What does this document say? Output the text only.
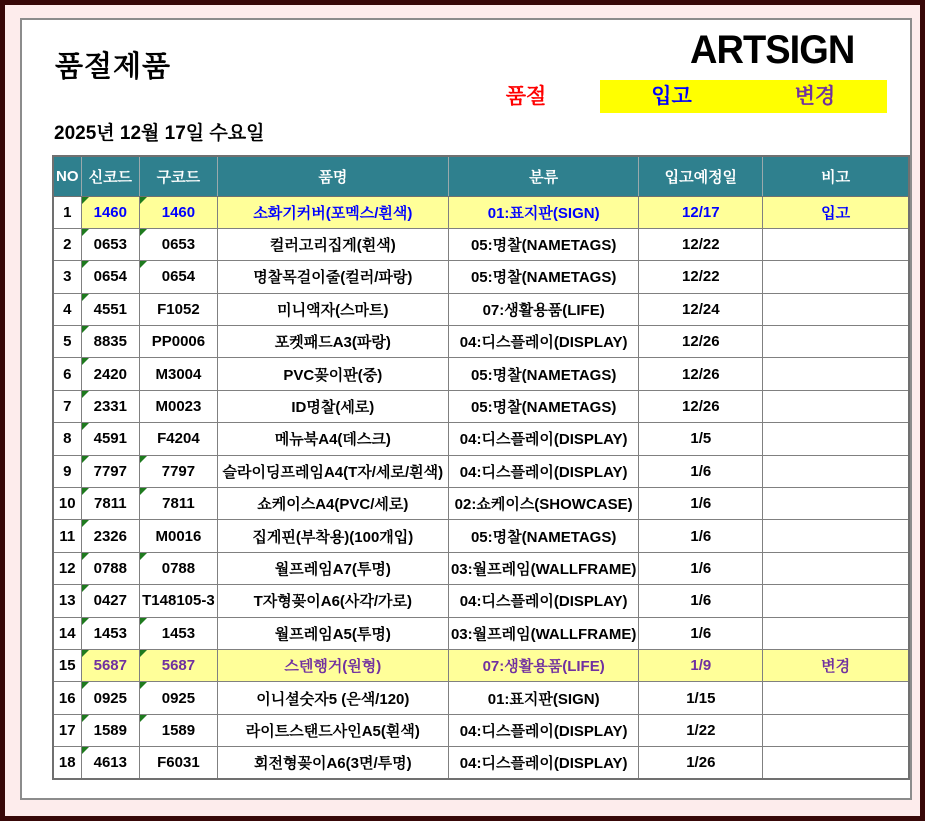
품절제품	ARTSIGN
품절	입고	변경
2025년 12월 17일 수요일
NO	신코드	구코드	품명	분류	입고예정일	비고
1	1460	1460	소화기커버(포멕스/흰색)	01:표지판(SIGN)	12/17	입고
2	0653	0653	컬러고리집게(흰색)	05:명찰(NAMETAGS)	12/22	
3	0654	0654	명찰목걸이줄(컬러/파랑)	05:명찰(NAMETAGS)	12/22	
4	4551	F1052	미니액자(스마트)	07:생활용품(LIFE)	12/24	
5	8835	PP0006	포켓패드A3(파랑)	04:디스플레이(DISPLAY)	12/26	
6	2420	M3004	PVC꽂이판(중)	05:명찰(NAMETAGS)	12/26	
7	2331	M0023	ID명찰(세로)	05:명찰(NAMETAGS)	12/26	
8	4591	F4204	메뉴북A4(데스크)	04:디스플레이(DISPLAY)	1/5	
9	7797	7797	슬라이딩프레임A4(T자/세로/흰색)	04:디스플레이(DISPLAY)	1/6	
10	7811	7811	쇼케이스A4(PVC/세로)	02:쇼케이스(SHOWCASE)	1/6	
11	2326	M0016	집게핀(부착용)(100개입)	05:명찰(NAMETAGS)	1/6	
12	0788	0788	월프레임A7(투명)	03:월프레임(WALLFRAME)	1/6	
13	0427	T148105-3	T자형꽂이A6(사각/가로)	04:디스플레이(DISPLAY)	1/6	
14	1453	1453	월프레임A5(투명)	03:월프레임(WALLFRAME)	1/6	
15	5687	5687	스텐행거(원형)	07:생활용품(LIFE)	1/9	변경
16	0925	0925	이니셜숫자5 (은색/120)	01:표지판(SIGN)	1/15	
17	1589	1589	라이트스탠드사인A5(흰색)	04:디스플레이(DISPLAY)	1/22	
18	4613	F6031	회전형꽂이A6(3면/투명)	04:디스플레이(DISPLAY)	1/26	
